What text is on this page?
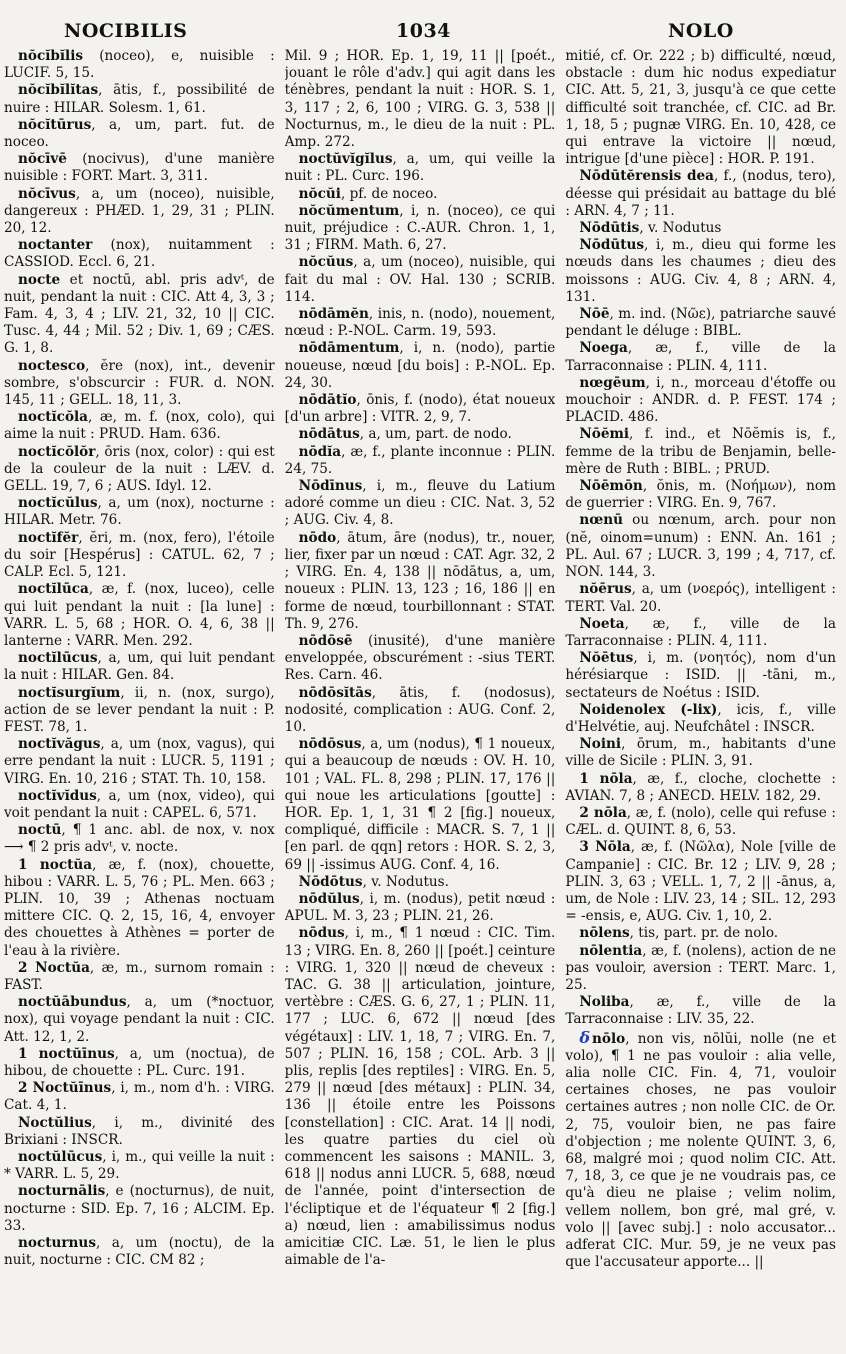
NOCIBILIS	1034	NOLO

nŏcĭbĭlis (noceo), e, nuisible : LUCIF. 5, 15.

nŏcĭbĭlĭtas, ātis, f., possibilité de nuire : HILAR. Solesm. 1, 61.

nŏcĭtūrus, a, um, part. fut. de noceo.

nŏcīvē (nocivus), d'une manière nuisible : FORT. Mart. 3, 311.

nŏcīvus, a, um (noceo), nuisible, dangereux : PHÆD. 1, 29, 31 ; PLIN. 20, 12.

noctanter (nox), nuitamment : CASSIOD. Eccl. 6, 21.

nocte et noctū, abl. pris advᵗ, de nuit, pendant la nuit : CIC. Att 4, 3, 3 ; Fam. 4, 3, 4 ; LIV. 21, 32, 10 || CIC. Tusc. 4, 44 ; Mil. 52 ; Div. 1, 69 ; CÆS. G. 1, 8.

noctesco, ĕre (nox), int., devenir sombre, s'obscurcir : FUR. d. NON. 145, 11 ; GELL. 18, 11, 3.

noctĭcŏla, æ, m. f. (nox, colo), qui aime la nuit : PRUD. Ham. 636.

noctĭcŏlŏr, ōris (nox, color) : qui est de la couleur de la nuit : LÆV. d. GELL. 19, 7, 6 ; AUS. Idyl. 12.

noctĭcŭlus, a, um (nox), nocturne : HILAR. Metr. 76.

noctĭfĕr, ĕri, m. (nox, fero), l'étoile du soir [Hespérus] : CATUL. 62, 7 ; CALP. Ecl. 5, 121.

noctĭlūca, æ, f. (nox, luceo), celle qui luit pendant la nuit : [la lune] : VARR. L. 5, 68 ; HOR. O. 4, 6, 38 || lanterne : VARR. Men. 292.

noctĭlūcus, a, um, qui luit pendant la nuit : HILAR. Gen. 84.

noctĭsurgĭum, ii, n. (nox, surgo), action de se lever pendant la nuit : P. FEST. 78, 1.

noctĭvăgus, a, um (nox, vagus), qui erre pendant la nuit : LUCR. 5, 1191 ; VIRG. En. 10, 216 ; STAT. Th. 10, 158.

noctĭvĭdus, a, um (nox, video), qui voit pendant la nuit : CAPEL. 6, 571.

noctū, ¶ 1 anc. abl. de nox, v. nox ⟶ ¶ 2 pris advᵗ, v. nocte.

1 noctŭa, æ, f. (nox), chouette, hibou : VARR. L. 5, 76 ; PL. Men. 663 ; PLIN. 10, 39 ; Athenas noctuam mittere CIC. Q. 2, 15, 16, 4, envoyer des chouettes à Athènes = porter de l'eau à la rivière.

2 Noctŭa, æ, m., surnom romain : FAST.

noctŭābundus, a, um (*noctuor, nox), qui voyage pendant la nuit : CIC. Att. 12, 1, 2.

1 noctŭīnus, a, um (noctua), de hibou, de chouette : PL. Curc. 191.

2 Noctŭīnus, i, m., nom d'h. : VIRG. Cat. 4, 1.

Noctŭlius, i, m., divinité des Brixiani : INSCR.

noctŭlūcus, i, m., qui veille la nuit : * VARR. L. 5, 29.

nocturnālis, e (nocturnus), de nuit, nocturne : SID. Ep. 7, 16 ; ALCIM. Ep. 33.

nocturnus, a, um (noctu), de la nuit, nocturne : CIC. CM 82 ;

Mil. 9 ; HOR. Ep. 1, 19, 11 || [poét., jouant le rôle d'adv.] qui agit dans les ténèbres, pendant la nuit : HOR. S. 1, 3, 117 ; 2, 6, 100 ; VIRG. G. 3, 538 || Nocturnus, m., le dieu de la nuit : PL. Amp. 272.

noctŭvĭgĭlus, a, um, qui veille la nuit : PL. Curc. 196.

nŏcŭi, pf. de noceo.

nŏcŭmentum, i, n. (noceo), ce qui nuit, préjudice : C.-AUR. Chron. 1, 1, 31 ; FIRM. Math. 6, 27.

nŏcŭus, a, um (noceo), nuisible, qui fait du mal : OV. Hal. 130 ; SCRIB. 114.

nōdāmĕn, inis, n. (nodo), nouement, nœud : P.-NOL. Carm. 19, 593.

nōdāmentum, i, n. (nodo), partie noueuse, nœud [du bois] : P.-NOL. Ep. 24, 30.

nōdātĭo, ōnis, f. (nodo), état noueux [d'un arbre] : VITR. 2, 9, 7.

nōdātus, a, um, part. de nodo.

nōdĭa, æ, f., plante inconnue : PLIN. 24, 75.

Nōdīnus, i, m., fleuve du Latium adoré comme un dieu : CIC. Nat. 3, 52 ; AUG. Civ. 4, 8.

nōdo, ātum, āre (nodus), tr., nouer, lier, fixer par un nœud : CAT. Agr. 32, 2 ; VIRG. En. 4, 138 || nōdātus, a, um, noueux : PLIN. 13, 123 ; 16, 186 || en forme de nœud, tourbillonnant : STAT. Th. 9, 276.

nōdōsē (inusité), d'une manière enveloppée, obscurément : -sius TERT. Res. Carn. 46.

nōdōsĭtās, ātis, f. (nodosus), nodosité, complication : AUG. Conf. 2, 10.

nōdōsus, a, um (nodus), ¶ 1 noueux, qui a beaucoup de nœuds : OV. H. 10, 101 ; VAL. FL. 8, 298 ; PLIN. 17, 176 || qui noue les articulations [goutte] : HOR. Ep. 1, 1, 31 ¶ 2 [fig.] noueux, compliqué, difficile : MACR. S. 7, 1 || [en parl. de qqn] retors : HOR. S. 2, 3, 69 || -issimus AUG. Conf. 4, 16.

Nōdōtus, v. Nodutus.

nōdŭlus, i, m. (nodus), petit nœud : APUL. M. 3, 23 ; PLIN. 21, 26.

nōdus, i, m., ¶ 1 nœud : CIC. Tim. 13 ; VIRG. En. 8, 260 || [poét.] ceinture : VIRG. 1, 320 || nœud de cheveux : TAC. G. 38 || articulation, jointure, vertèbre : CÆS. G. 6, 27, 1 ; PLIN. 11, 177 ; LUC. 6, 672 || nœud [des végétaux] : LIV. 1, 18, 7 ; VIRG. En. 7, 507 ; PLIN. 16, 158 ; COL. Arb. 3 || plis, replis [des reptiles] : VIRG. En. 5, 279 || nœud [des métaux] : PLIN. 34, 136 || étoile entre les Poissons [constellation] : CIC. Arat. 14 || nodi, les quatre parties du ciel où commencent les saisons : MANIL. 3, 618 || nodus anni LUCR. 5, 688, nœud de l'année, point d'intersection de l'écliptique et de l'équateur ¶ 2 [fig.] a) nœud, lien : amabilissimus nodus amicitiæ CIC. Læ. 51, le lien le plus aimable de l'a-

mitié, cf. Or. 222 ; b) difficulté, nœud, obstacle : dum hic nodus expediatur CIC. Att. 5, 21, 3, jusqu'à ce que cette difficulté soit tranchée, cf. CIC. ad Br. 1, 18, 5 ; pugnæ VIRG. En. 10, 428, ce qui entrave la victoire || nœud, intrigue [d'une pièce] : HOR. P. 191.

Nōdūtĕrensis dea, f., (nodus, tero), déesse qui présidait au battage du blé : ARN. 4, 7 ; 11.

Nōdūtis, v. Nodutus

Nōdūtus, i, m., dieu qui forme les nœuds dans les chaumes ; dieu des moissons : AUG. Civ. 4, 8 ; ARN. 4, 131.

Nōē, m. ind. (Νῶε), patriarche sauvé pendant le déluge : BIBL.

Noega, æ, f., ville de la Tarraconnaise : PLIN. 4, 111.

nœgēum, i, n., morceau d'étoffe ou mouchoir : ANDR. d. P. FEST. 174 ; PLACID. 486.

Nōĕmi, f. ind., et Nōĕmis is, f., femme de la tribu de Benjamin, belle-mère de Ruth : BIBL. ; PRUD.

Nōēmōn, ŏnis, m. (Νοήμων), nom de guerrier : VIRG. En. 9, 767.

nœnū ou nœnum, arch. pour non (nĕ, oinom=unum) : ENN. An. 161 ; PL. Aul. 67 ; LUCR. 3, 199 ; 4, 717, cf. NON. 144, 3.

nŏērus, a, um (νοερός), intelligent : TERT. Val. 20.

Noeta, æ, f., ville de la Tarraconnaise : PLIN. 4, 111.

Nŏētus, i, m. (νοητός), nom d'un hérésiarque : ISID. || -tāni, m., sectateurs de Noétus : ISID.

Noidenolex (-lix), icis, f., ville d'Helvétie, auj. Neufchâtel : INSCR.

Noini, ōrum, m., habitants d'une ville de Sicile : PLIN. 3, 91.

1 nōla, æ, f., cloche, clochette : AVIAN. 7, 8 ; ANECD. HELV. 182, 29.

2 nōla, æ, f. (nolo), celle qui refuse : CÆL. d. QUINT. 8, 6, 53.

3 Nōla, æ, f. (Νῶλα), Nole [ville de Campanie] : CIC. Br. 12 ; LIV. 9, 28 ; PLIN. 3, 63 ; VELL. 1, 7, 2 || -ānus, a, um, de Nole : LIV. 23, 14 ; SIL. 12, 293 = -ensis, e, AUG. Civ. 1, 10, 2.

nōlens, tis, part. pr. de nolo.

nōlentia, æ, f. (nolens), action de ne pas vouloir, aversion : TERT. Marc. 1, 25.

Noliba, æ, f., ville de la Tarraconnaise : LIV. 35, 22.

δ nōlo, non vis, nōlŭi, nolle (ne et volo), ¶ 1 ne pas vouloir : alia velle, alia nolle CIC. Fin. 4, 71, vouloir certaines choses, ne pas vouloir certaines autres ; non nolle CIC. de Or. 2, 75, vouloir bien, ne pas faire d'objection ; me nolente QUINT. 3, 6, 68, malgré moi ; quod nolim CIC. Att. 7, 18, 3, ce que je ne voudrais pas, ce qu'à dieu ne plaise ; velim nolim, vellem nollem, bon gré, mal gré, v. volo || [avec subj.] : nolo accusator... adferat CIC. Mur. 59, je ne veux pas que l'accusateur apporte... ||
